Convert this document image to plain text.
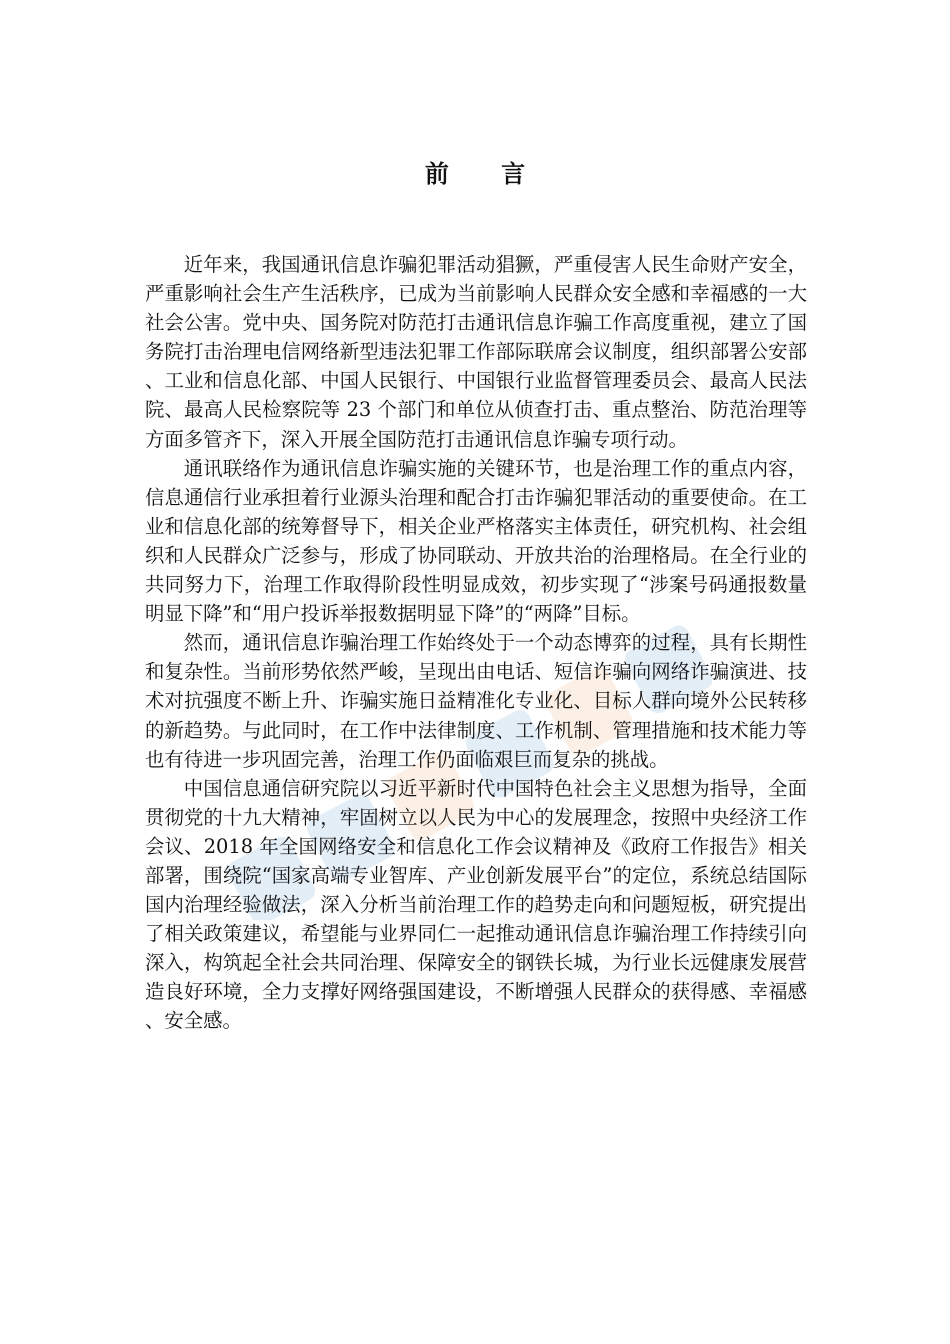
前 言

近年来，我国通讯信息诈骗犯罪活动猖獗，严重侵害人民生命财产安全，严重影响社会生产生活秩序，已成为当前影响人民群众安全感和幸福感的一大社会公害。党中央、国务院对防范打击通讯信息诈骗工作高度重视，建立了国务院打击治理电信网络新型违法犯罪工作部际联席会议制度，组织部署公安部、工业和信息化部、中国人民银行、中国银行业监督管理委员会、最高人民法院、最高人民检察院等 23 个部门和单位从侦查打击、重点整治、防范治理等方面多管齐下，深入开展全国防范打击通讯信息诈骗专项行动。

通讯联络作为通讯信息诈骗实施的关键环节，也是治理工作的重点内容，信息通信行业承担着行业源头治理和配合打击诈骗犯罪活动的重要使命。在工业和信息化部的统筹督导下，相关企业严格落实主体责任，研究机构、社会组织和人民群众广泛参与，形成了协同联动、开放共治的治理格局。在全行业的共同努力下，治理工作取得阶段性明显成效，初步实现了“涉案号码通报数量明显下降”和“用户投诉举报数据明显下降”的“两降”目标。

然而，通讯信息诈骗治理工作始终处于一个动态博弈的过程，具有长期性和复杂性。当前形势依然严峻，呈现出由电话、短信诈骗向网络诈骗演进、技术对抗强度不断上升、诈骗实施日益精准化专业化、目标人群向境外公民转移的新趋势。与此同时，在工作中法律制度、工作机制、管理措施和技术能力等也有待进一步巩固完善，治理工作仍面临艰巨而复杂的挑战。

中国信息通信研究院以习近平新时代中国特色社会主义思想为指导，全面贯彻党的十九大精神，牢固树立以人民为中心的发展理念，按照中央经济工作会议、2018 年全国网络安全和信息化工作会议精神及《政府工作报告》相关部署，围绕院“国家高端专业智库、产业创新发展平台”的定位，系统总结国际国内治理经验做法，深入分析当前治理工作的趋势走向和问题短板，研究提出了相关政策建议，希望能与业界同仁一起推动通讯信息诈骗治理工作持续引向深入，构筑起全社会共同治理、保障安全的钢铁长城，为行业长远健康发展营造良好环境，全力支撑好网络强国建设，不断增强人民群众的获得感、幸福感、安全感。
